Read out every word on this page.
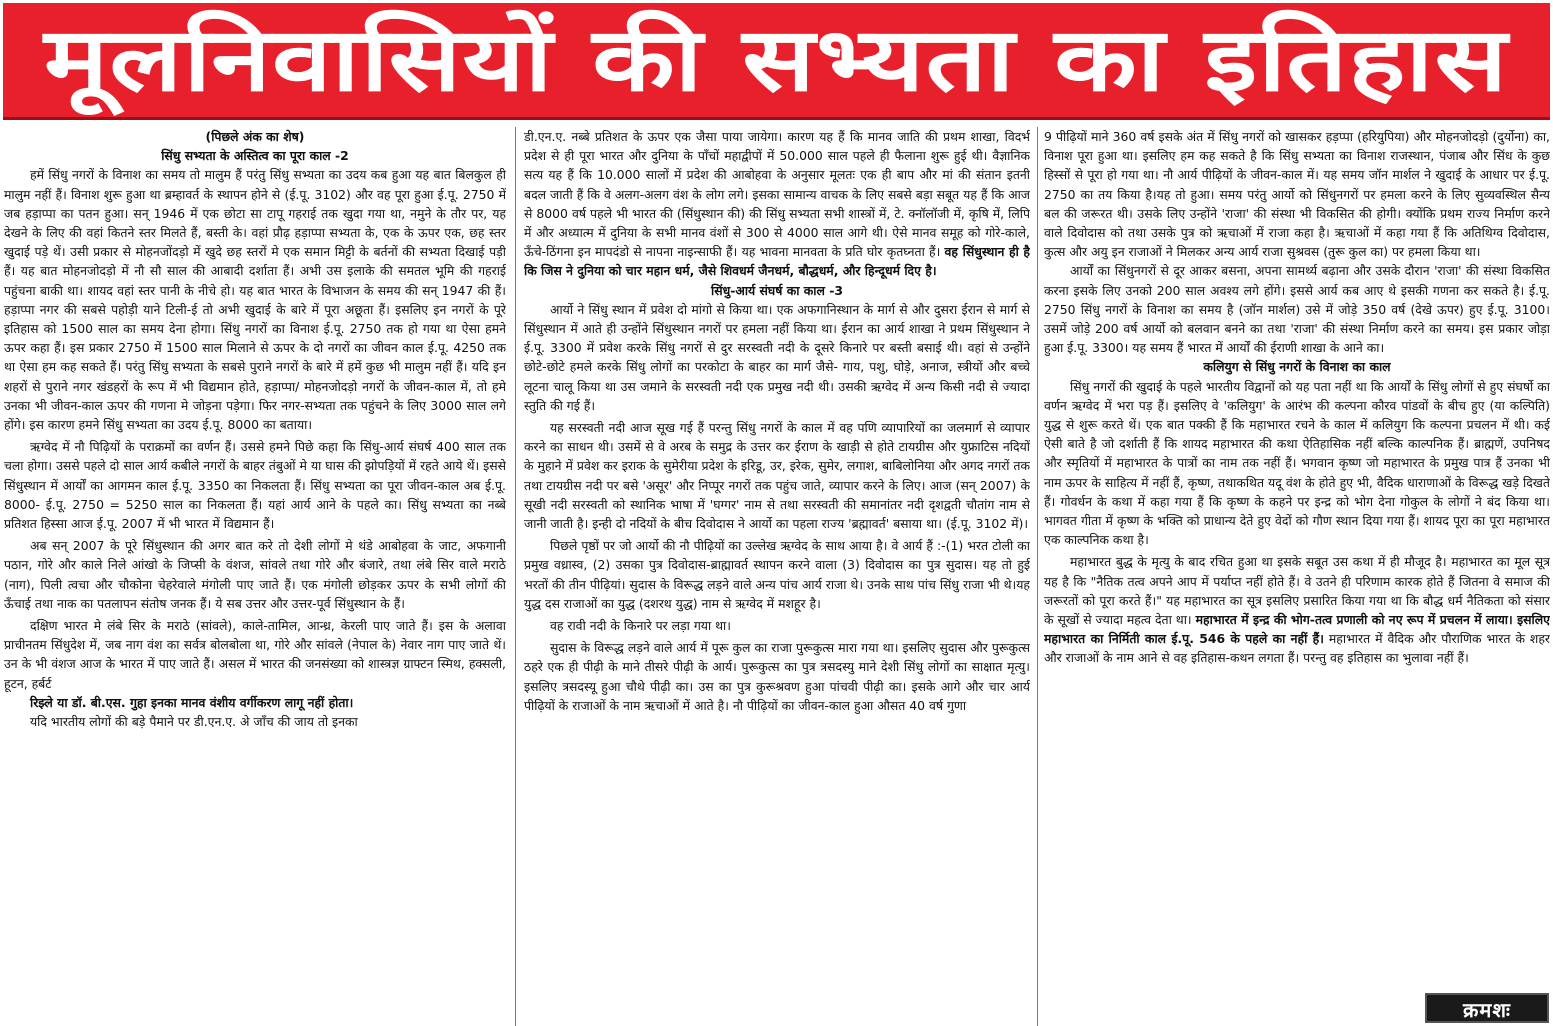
मूलनिवासियों की सभ्यता का इतिहास

(पिछले अंक का शेष)

सिंधु सभ्यता के अस्तित्व का पूरा काल -2

हमें सिंधु नगरों के विनाश का समय तो मालुम हैं परंतु सिंधु सभ्यता का उदय कब हुआ यह बात बिलकुल ही मालुम नहीं हैं। विनाश शुरू हुआ था ब्रम्हावर्त के स्थापन होने से (ई.पू. 3102) और वह पूरा हुआ ई.पू. 2750 में जब हड़ाप्पा का पतन हुआ। सन् 1946 में एक छोटा सा टापू गहराई तक खुदा गया था, नमुने के तौर पर, यह देखने के लिए की वहां कितने स्तर मिलते हैं, बस्ती के। वहां प्रौढ़ हड़ाप्पा सभ्यता के, एक के ऊपर एक, छह स्तर खुदाई पड़े थें। उसी प्रकार से मोहनजोंदड़ो में खुदे छह स्तरों मे एक समान मिट्टी के बर्तनों की सभ्यता दिखाई पड़ी हैं। यह बात मोहनजोदड़ो में नौ सौ साल की आबादी दर्शाता हैं। अभी उस इलाके की समतल भूमि की गहराई पहुंचना बाकी था। शायद वहां स्तर पानी के नीचे हो। यह बात भारत के विभाजन के समय की सन् 1947 की हैं। हड़ाप्पा नगर की सबसे पहोड़ी याने टिली-ई तो अभी खुदाई के बारे में पूरा अछूता हैं। इसलिए इन नगरों के पूरे इतिहास को 1500 साल का समय देना होगा। सिंधु नगरों का विनाश ई.पू. 2750 तक हो गया था ऐसा हमने ऊपर कहा हैं। इस प्रकार 2750 में 1500 साल मिलाने से ऊपर के दो नगरों का जीवन काल ई.पू. 4250 तक था ऐसा हम कह सकते हैं। परंतु सिंधु सभ्यता के सबसे पुराने नगरों के बारे में हमें कुछ भी मालुम नहीं हैं। यदि इन शहरों से पुराने नगर खंडहरों के रूप में भी विद्यमान होते, हड़ाप्पा/ मोहनजोदड़ो नगरों के जीवन-काल में, तो हमे उनका भी जीवन-काल ऊपर की गणना मे जोड़ना पड़ेगा। फिर नगर-सभ्यता तक पहुंचने के लिए 3000 साल लगे होंगे। इस कारण हमने सिंधु सभ्यता का उदय ई.पू. 8000 का बताया।

ऋग्वेद में नौ पिढ़ियों के पराक्रमों का वर्णन हैं। उससे हमने पिछे कहा कि सिंधु-आर्य संघर्ष 400 साल तक चला होगा। उससे पहले दो साल आर्य कबीले नगरों के बाहर तंबुओं मे या घास की झोपड़ियों में रहते आये थें। इससे सिंधुस्थान में आर्यों का आगमन काल ई.पू. 3350 का निकलता हैं। सिंधु सभ्यता का पूरा जीवन-काल अब ई.पू. 8000- ई.पू. 2750 = 5250 साल का निकलता हैं। यहां आर्य आने के पहले का। सिंधु सभ्यता का नब्बे प्रतिशत हिस्सा आज ई.पू. 2007 में भी भारत में विद्यमान हैं।

अब सन् 2007 के पूरे सिंधुस्थान की अगर बात करे तो देशी लोगों मे थंडे आबोहवा के जाट, अफगानी पठान, गोरे और काले निले आंखो के जिप्सी के वंशज, सांवले तथा गोरे और बंजारे, तथा लंबे सिर वाले मराठे (नाग), पिली त्वचा और चौकोना चेहरेवाले मंगोली पाए जाते हैं। एक मंगोली छोड़कर ऊपर के सभी लोगों की ऊँचाई तथा नाक का पतलापन संतोष जनक हैं। ये सब उत्तर और उत्तर-पूर्व सिंधुस्थान के हैं।

दक्षिण भारत मे लंबे सिर के मराठे (सांवले), काले-तामिल, आन्ध्र, केरली पाए जाते हैं। इस के अलावा प्राचीनतम सिंधुदेश में, जब नाग वंश का सर्वत्र बोलबोला था, गोरे और सांवले (नेपाल के) नेवार नाग पाए जाते थें। उन के भी वंशज आज के भारत में पाए जाते हैं। असल में भारत की जनसंख्या को शास्त्रज्ञ ग्राफ्टन स्मिथ, हक्सली, हूटन, हर्बर्ट

रिझ्ले या डॉ. बी.एस. गुहा इनका मानव वंशीय वर्गीकरण लागू नहीं होता।

यदि भारतीय लोगों की बड़े पैमाने पर डी.एन.ए. अे जाँच की जाय तो इनका

डी.एन.ए. नब्बे प्रतिशत के ऊपर एक जैसा पाया जायेगा। कारण यह हैं कि मानव जाति की प्रथम शाखा, विदर्भ प्रदेश से ही पूरा भारत और दुनिया के पाँचों महाद्वीपों में 50.000 साल पहले ही फैलाना शुरू हुई थी। वैज्ञानिक सत्य यह हैं कि 10.000 सालों में प्रदेश की आबोहवा के अनुसार मूलतः एक ही बाप और मां की संतान इतनी बदल जाती हैं कि वे अलग-अलग वंश के लोग लगे। इसका सामान्य वाचक के लिए सबसे बड़ा सबूत यह हैं कि आज से 8000 वर्ष पहले भी भारत की (सिंधुस्थान की) की सिंधु सभ्यता सभी शास्त्रों में, टे. क्नॉलॉजी में, कृषि में, लिपि में और अध्यात्म में दुनिया के सभी मानव वंशों से 300 से 4000 साल आगे थी। ऐसे मानव समूह को गोरे-काले, ऊँचे-ठिंगना इन मापदंडो से नापना नाइन्साफी हैं। यह भावना मानवता के प्रति घोर कृतघ्नता हैं। वह सिंधुस्थान ही है कि जिस ने दुनिया को चार महान धर्म, जैसे शिवधर्म जैनधर्म, बौद्धधर्म, और हिन्दूधर्म दिए है।

सिंधु-आर्य संघर्ष का काल -3

आर्यो ने सिंधु स्थान में प्रवेश दो मांगो से किया था। एक अफगानिस्थान के मार्ग से और दुसरा ईरान से मार्ग से सिंधुस्थान में आते ही उन्होंने सिंधुस्थान नगरों पर हमला नहीं किया था। ईरान का आर्य शाखा ने प्रथम सिंधुस्थान ने ई.पू. 3300 में प्रवेश करके सिंधु नगरों से दुर सरस्वती नदी के दूसरे किनारे पर बस्ती बसाई थी। वहां से उन्होंने छोटे-छोटे हमले करके सिंधु लोगों का परकोटा के बाहर का मार्ग जैसे- गाय, पशु, घोड़े, अनाज, स्त्रीयों और बच्चे लूटना चालू किया था उस जमाने के सरस्वती नदी एक प्रमुख नदी थी। उसकी ऋग्वेद में अन्य किसी नदी से ज्यादा स्तुति की गई हैं।

यह सरस्वती नदी आज सूख गई हैं परन्तु सिंधु नगरों के काल में वह पणि व्यापारियों का जलमार्ग से व्यापार करने का साधन थी। उसमें से वे अरब के समुद्र के उत्तर कर ईराण के खाड़ी से होते टायग्रीस और युफ्राटिस नदियों के मुहाने में प्रवेश कर इराक के सुमेरीया प्रदेश के इरिडू, उर, इरेक, सुमेर, लगाश, बाबिलोनिया और अगद नगरों तक तथा टायग्रीस नदी पर बसे 'असूर' और निप्पूर नगरों तक पहुंच जाते, व्यापार करने के लिए। आज (सन् 2007) के सूखी नदी सरस्वती को स्थानिक भाषा में 'घग्गर' नाम से तथा सरस्वती की समानांतर नदी दृशद्वती चौतांग नाम से जानी जाती है। इन्ही दो नदियों के बीच दिवोदास ने आर्यो का पहला राज्य 'ब्रह्मावर्त' बसाया था। (ई.पू. 3102 में)।

पिछले पृष्ठों पर जो आर्यो की नौ पीढ़ियों का उल्लेख ऋग्वेद के साथ आया है। वे आर्य हैं :-(1) भरत टोली का प्रमुख वध्रास्व, (2) उसका पुत्र दिवोदास-ब्राह्मावर्त स्थापन करने वाला (3) दिवोदास का पुत्र सुदास। यह तो हुई भरतों की तीन पीढ़ियां। सुदास के विरूद्ध लड़ने वाले अन्य पांच आर्य राजा थे। उनके साथ पांच सिंधु राजा भी थे।यह युद्ध दस राजाओं का युद्ध (दशरथ युद्ध) नाम से ऋग्वेद में मशहूर है।

वह रावी नदी के किनारे पर लड़ा गया था।

सुदास के विरूद्ध लड़ने वाले आर्य में पूरू कुल का राजा पुरूकुत्स मारा गया था। इसलिए सुदास और पुरूकुत्स ठहरे एक ही पीढ़ी के माने तीसरे पीढ़ी के आर्य। पुरूकुत्स का पुत्र त्रसदस्यु माने देशी सिंधु लोगों का साक्षात मृत्यु। इसलिए त्रसदस्यू हुआ चौथे पीढ़ी का। उस का पुत्र कुरूश्रवण हुआ पांचवी पीढ़ी का। इसके आगे और चार आर्य पीढ़ियों के राजाओं के नाम ऋचाओं में आते है। नौ पीढ़ियों का जीवन-काल हुआ औसत 40 वर्ष गुणा

9 पीढ़ियों माने 360 वर्ष इसके अंत में सिंधु नगरों को खासकर हड़प्पा (हरियुपिया) और मोहनजोदड़ो (दुर्योना) का, विनाश पूरा हुआ था। इसलिए हम कह सकते है कि सिंधु सभ्यता का विनाश राजस्थान, पंजाब और सिंध के कुछ हिस्सों से पूरा हो गया था। नौ आर्य पीढ़ियों के जीवन-काल में। यह समय जॉन मार्शल ने खुदाई के आधार पर ई.पू. 2750 का तय किया है।यह तो हुआ। समय परंतु आर्यो को सिंधुनगरों पर हमला करने के लिए सुव्यवस्थिल सैन्य बल की जरूरत थी। उसके लिए उन्होंने 'राजा' की संस्था भी विकसित की होगी। क्योंकि प्रथम राज्य निर्माण करने वाले दिवोदास को तथा उसके पुत्र को ऋचाओं में राजा कहा है। ऋचाओं में कहा गया हैं कि अतिथिग्व दिवोदास, कुत्स और अयु इन राजाओं ने मिलकर अन्य आर्य राजा सुश्रवस (तुरू कुल का) पर हमला किया था।

आर्यों का सिंधुनगरों से दूर आकर बसना, अपना सामर्थ्य बढ़ाना और उसके दौरान 'राजा' की संस्था विकसित करना इसके लिए उनको 200 साल अवश्य लगे होंगे। इससे आर्य कब आए थे इसकी गणना कर सकते है। ई.पू. 2750 सिंधु नगरों के विनाश का समय है (जॉन मार्शल) उसे में जोड़े 350 वर्ष (देखे ऊपर) हुए ई.पू. 3100। उसमें जोड़े 200 वर्ष आर्यो को बलवान बनने का तथा 'राजा' की संस्था निर्माण करने का समय। इस प्रकार जोड़ा हुआ ई.पू. 3300। यह समय हैं भारत में आर्यों की ईराणी शाखा के आने का।

कलियुग से सिंधु नगरों के विनाश का काल

सिंधु नगरों की खुदाई के पहले भारतीय विद्वानों को यह पता नहीं था कि आर्यों के सिंधु लोगों से हुए संघर्षो का वर्णन ऋग्वेद में भरा पड़ हैं। इसलिए वे 'कलियुग' के आरंभ की कल्पना कौरव पांडवों के बीच हुए (या कल्पिति) युद्ध से शुरू करते थें। एक बात पक्की हैं कि महाभारत रचने के काल में कलियुग कि कल्पना प्रचलन में थी। कई ऐसी बाते है जो दर्शाती हैं कि शायद महाभारत की कथा ऐतिहासिक नहीं बल्कि काल्पनिक हैं। ब्राह्मणें, उपनिषद और स्मृतियों में महाभारत के पात्रों का नाम तक नहीं हैं। भगवान कृष्ण जो महाभारत के प्रमुख पात्र हैं उनका भी नाम ऊपर के साहित्य में नहीं हैं, कृष्ण, तथाकथित यदू वंश के होते हुए भी, वैदिक धाराणाओं के विरूद्ध खड़े दिखते हैं। गोवर्धन के कथा में कहा गया हैं कि कृष्ण के कहने पर इन्द्र को भोग देना गोकुल के लोगों ने बंद किया था। भागवत गीता में कृष्ण के भक्ति को प्राधान्य देते हुए वेदों को गौण स्थान दिया गया हैं। शायद पूरा का पूरा महाभारत एक काल्पनिक कथा है।

महाभारत बुद्ध के मृत्यु के बाद रचित हुआ था इसके सबूत उस कथा में ही मौजूद है। महाभारत का मूल सूत्र यह है कि "नैतिक तत्व अपने आप में पर्याप्त नहीं होते हैं। वे उतने ही परिणाम कारक होते हैं जितना वे समाज की जरूरतों को पूरा करते हैं।" यह महाभारत का सूत्र इसलिए प्रसारित किया गया था कि बौद्ध धर्म नैतिकता को संसार के सूखों से ज्यादा महत्व देता था। महाभारत में इन्द्र की भोग-तत्व प्रणाली को नए रूप में प्रचलन में लाया। इसलिए महाभारत का निर्मिती काल ई.पू. 546 के पहले का नहीं हैं। महाभारत में वैदिक और पौराणिक भारत के शहर और राजाओं के नाम आने से वह इतिहास-कथन लगता हैं। परन्तु वह इतिहास का भुलावा नहीं हैं।

क्रमशः
